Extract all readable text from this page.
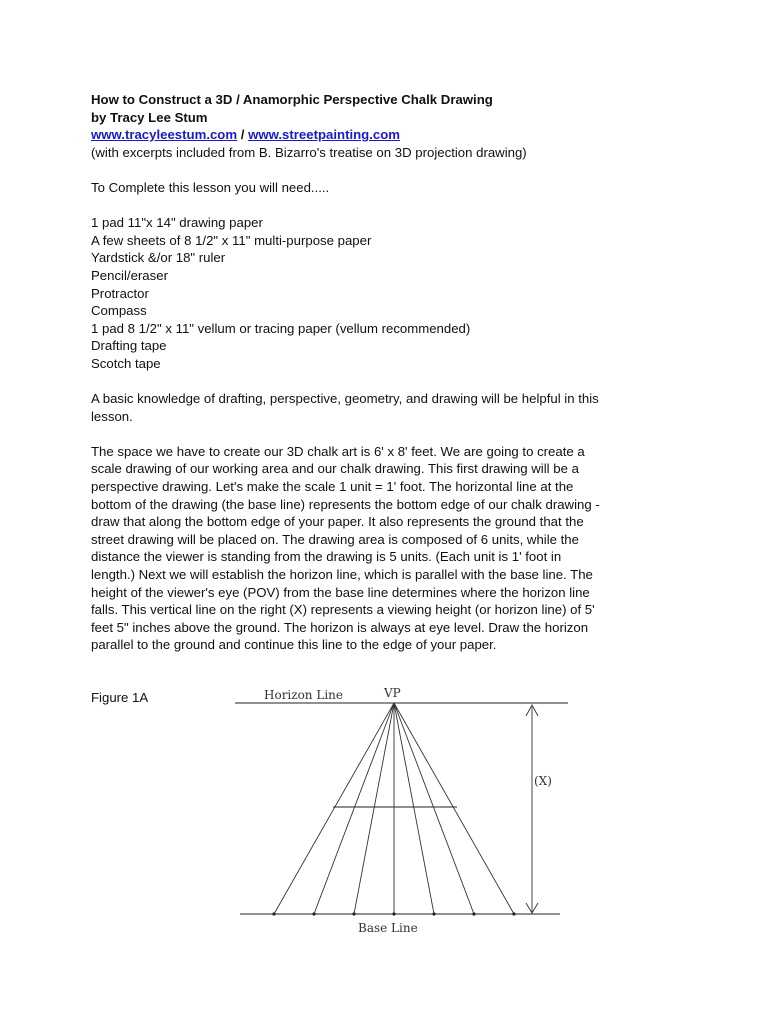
How to Construct a 3D / Anamorphic Perspective Chalk Drawing
by Tracy Lee Stum
www.tracyleestum.com / www.streetpainting.com
(with excerpts included from B. Bizarro's treatise on 3D projection drawing)
To Complete this lesson you will need.....
1 pad 11"x 14" drawing paper
A few sheets of 8 1/2" x 11" multi-purpose paper
Yardstick &/or 18" ruler
Pencil/eraser
Protractor
Compass
1 pad 8 1/2" x 11" vellum or tracing paper (vellum recommended)
Drafting tape
Scotch tape
A basic knowledge of drafting, perspective, geometry, and drawing will be helpful in this
lesson.
The space we have to create our 3D chalk art is 6' x 8' feet. We are going to create a
scale drawing of our working area and our chalk drawing. This first drawing will be a
perspective drawing. Let's make the scale 1 unit = 1' foot. The horizontal line at the
bottom of the drawing (the base line) represents the bottom edge of our chalk drawing -
draw that along the bottom edge of your paper. It also represents the ground that the
street drawing will be placed on. The drawing area is composed of 6 units, while the
distance the viewer is standing from the drawing is 5 units. (Each unit is 1' foot in
length.) Next we will establish the horizon line, which is parallel with the base line. The
height of the viewer's eye (POV) from the base line determines where the horizon line
falls. This vertical line on the right (X) represents a viewing height (or horizon line) of 5'
feet 5" inches above the ground. The horizon is always at eye level. Draw the horizon
parallel to the ground and continue this line to the edge of your paper.
Figure 1A	Horizon Line	VP
(X)
Base Line
